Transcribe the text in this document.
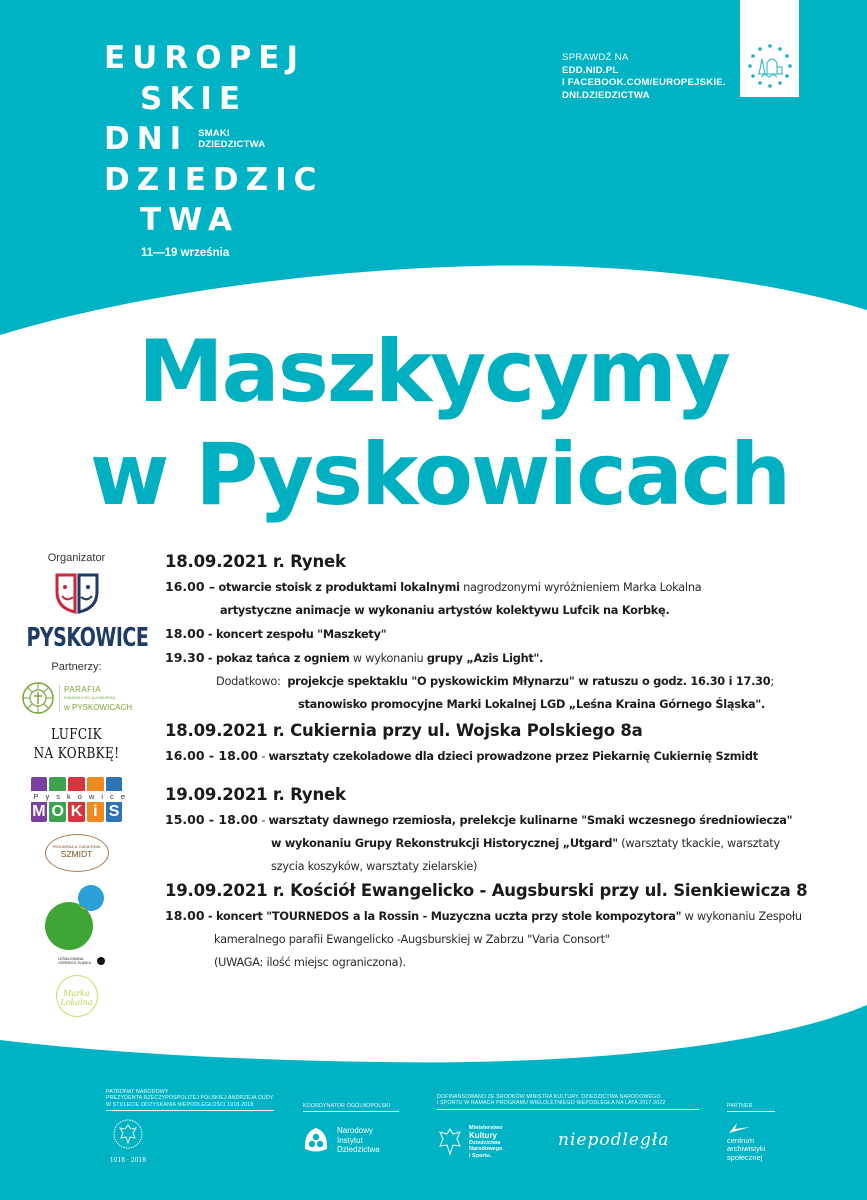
EUROPEJ
SKIE
DNI SMAKI
DZIEDZICTWA
DZIEDZIC
TWA
11—19 września
SPRAWDŹ NA
EDD.NID.PL
I FACEBOOK.COM/EUROPEJSKIE.
DNI.DZIEDZICTWA
Maszkycymy
w Pyskowicach
Organizator
PYSKOWICE
Partnerzy:
PARAFIA
EWANGELICKO-AUGSBURSKA
w PYSKOWICACH
LUFCIK
NA KORBKĘ!
Pyskowice
M O K i S
PIEKARNIA & CUKIERNIA
SZMIDT
LEŚNA KRAINA
GÓRNEGO ŚLĄSKA
Marka
Lokalna
18.09.2021 r. Rynek
16.00 – otwarcie stoisk z produktami lokalnymi nagrodzonymi wyróżnieniem Marka Lokalna
artystyczne animacje w wykonaniu artystów kolektywu Lufcik na Korbkę.
18.00 - koncert zespołu "Maszkety"
19.30 - pokaz tańca z ogniem w wykonaniu grupy „Azis Light".
Dodatkowo: projekcje spektaklu "O pyskowickim Młynarzu" w ratuszu o godz. 16.30 i 17.30;
stanowisko promocyjne Marki Lokalnej LGD „Leśna Kraina Górnego Śląska".
18.09.2021 r. Cukiernia przy ul. Wojska Polskiego 8a
16.00 - 18.00 - warsztaty czekoladowe dla dzieci prowadzone przez Piekarnię Cukiernię Szmidt
19.09.2021 r. Rynek
15.00 - 18.00 - warsztaty dawnego rzemiosła, prelekcje kulinarne "Smaki wczesnego średniowiecza"
w wykonaniu Grupy Rekonstrukcji Historycznej „Utgard" (warsztaty tkackie, warsztaty
szycia koszyków, warsztaty zielarskie)
19.09.2021 r. Kościół Ewangelicko - Augsburski przy ul. Sienkiewicza 8
18.00 - koncert "TOURNEDOS a la Rossin - Muzyczna uczta przy stole kompozytora" w wykonaniu Zespołu
kameralnego parafii Ewangelicko -Augsburskiej w Zabrzu "Varia Consort"
(UWAGA: ilość miejsc ograniczona).
PATRONAT NARODOWY
PREZYDENTA RZECZYPOSPOLITEJ POLSKIEJ ANDRZEJA DUDY
W STULECIE ODZYSKANIA NIEPODLEGŁOŚCI 1918-2018
1918 · 2018
KOORDYNATOR OGÓLNOPOLSKI
Narodowy
Instytut
Dziedzictwa
DOFINANSOWANO ZE ŚRODKÓW MINISTRA KULTURY, DZIEDZICTWA NARODOWEGO
I SPORTU W RAMACH PROGRAMU WIELOLETNIEGO NIEPODLEGŁA NA LATA 2017-2022
Ministerstwo
Kultury
Dziedzictwa
Narodowego
i Sportu.
niepodległa
PARTNER
centrum
archiwistyki
społecznej
